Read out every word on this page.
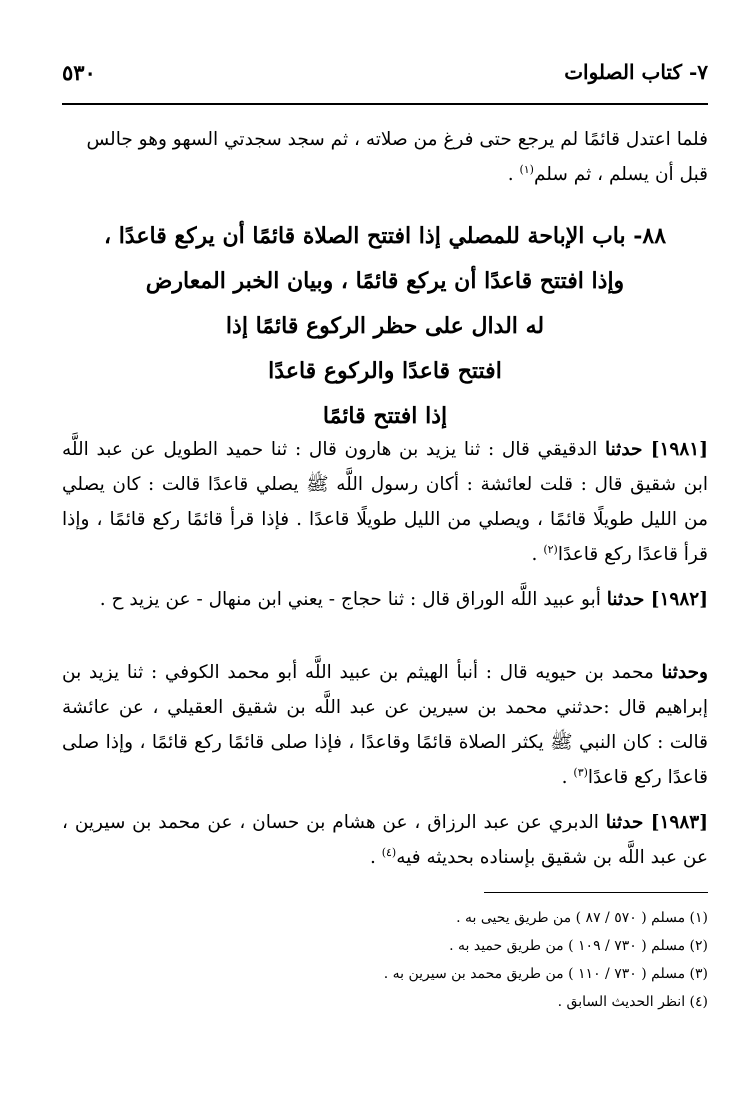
٥٣٠	٧- كتاب الصلوات
فلما اعتدل قائمًا لم يرجع حتى فرغ من صلاته ، ثم سجد سجدتي السهو وهو جالس
قبل أن يسلم ، ثم سلم$^{(١)}$ .
٨٨- باب الإباحة للمصلي إذا افتتح الصلاة قائمًا أن يركع قاعدًا ،
وإذا افتتح قاعدًا أن يركع قائمًا ، وبيان الخبر المعارض
له الدال على حظر الركوع قائمًا إذا
افتتح قاعدًا والركوع قاعدًا
إذا افتتح قائمًا
[١٩٨١] حدثنا الدقيقي قال : ثنا يزيد بن هارون قال : ثنا حميد الطويل عن عبد اللَّه ابن شقيق قال : قلت لعائشة : أكان رسول اللَّه ﷺ يصلي قاعدًا قالت : كان يصلي من الليل طويلًا قائمًا ، ويصلي من الليل طويلًا قاعدًا . فإذا قرأ قائمًا ركع قائمًا ، وإذا قرأ قاعدًا ركع قاعدًا$^{(٢)}$ .
[١٩٨٢] حدثنا أبو عبيد اللَّه الوراق قال : ثنا حجاج - يعني ابن منهال - عن يزيد ح .
وحدثنا محمد بن حيويه قال : أنبأ الهيثم بن عبيد اللَّه أبو محمد الكوفي : ثنا يزيد بن إبراهيم قال :حدثني محمد بن سيرين عن عبد اللَّه بن شقيق العقيلي ، عن عائشة قالت : كان النبي ﷺ يكثر الصلاة قائمًا وقاعدًا ، فإذا صلى قائمًا ركع قائمًا ، وإذا صلى قاعدًا ركع قاعدًا$^{(٣)}$ .
[١٩٨٣] حدثنا الدبري عن عبد الرزاق ، عن هشام بن حسان ، عن محمد بن سيرين ، عن عبد اللَّه بن شقيق بإسناده بحديثه فيه$^{(٤)}$ .
(١) مسلم ( ٥٧٠ / ٨٧ ) من طريق يحيى به .
(٢) مسلم ( ٧٣٠ / ١٠٩ ) من طريق حميد به .
(٣) مسلم ( ٧٣٠ / ١١٠ ) من طريق محمد بن سيرين به .
(٤) انظر الحديث السابق .
